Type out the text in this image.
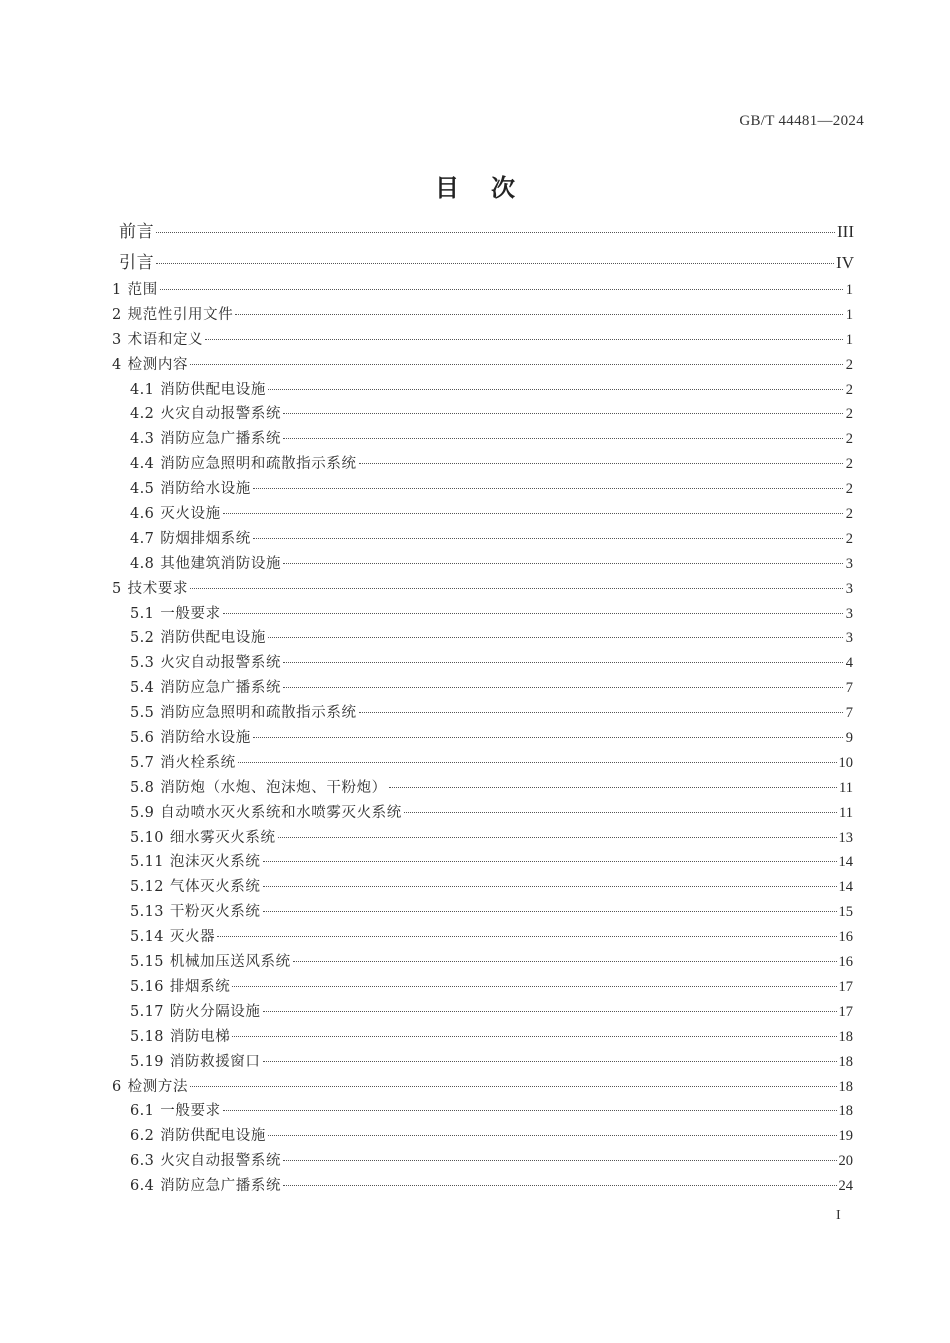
GB/T 44481—2024
目次
前言	III
引言	IV
1 范围	1
2 规范性引用文件	1
3 术语和定义	1
4 检测内容	2
4.1 消防供配电设施	2
4.2 火灾自动报警系统	2
4.3 消防应急广播系统	2
4.4 消防应急照明和疏散指示系统	2
4.5 消防给水设施	2
4.6 灭火设施	2
4.7 防烟排烟系统	2
4.8 其他建筑消防设施	3
5 技术要求	3
5.1 一般要求	3
5.2 消防供配电设施	3
5.3 火灾自动报警系统	4
5.4 消防应急广播系统	7
5.5 消防应急照明和疏散指示系统	7
5.6 消防给水设施	9
5.7 消火栓系统	10
5.8 消防炮（水炮、泡沫炮、干粉炮）	11
5.9 自动喷水灭火系统和水喷雾灭火系统	11
5.10 细水雾灭火系统	13
5.11 泡沫灭火系统	14
5.12 气体灭火系统	14
5.13 干粉灭火系统	15
5.14 灭火器	16
5.15 机械加压送风系统	16
5.16 排烟系统	17
5.17 防火分隔设施	17
5.18 消防电梯	18
5.19 消防救援窗口	18
6 检测方法	18
6.1 一般要求	18
6.2 消防供配电设施	19
6.3 火灾自动报警系统	20
6.4 消防应急广播系统	24
I
